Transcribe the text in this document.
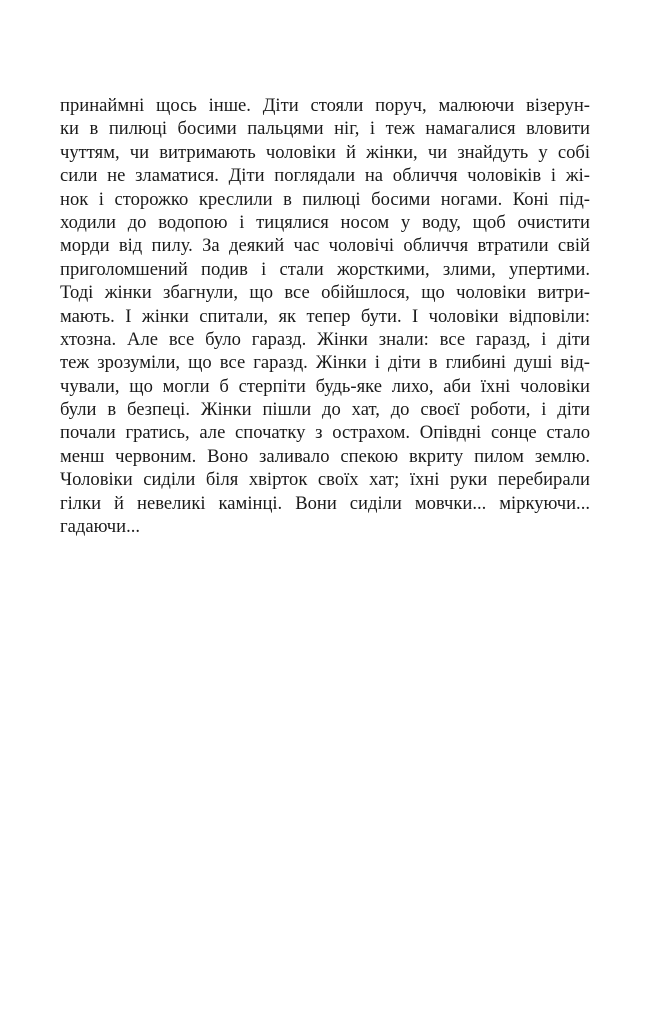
принаймні щось інше. Діти стояли поруч, малюючи візерун-
ки в пилюці босими пальцями ніг, і теж намагалися вловити
чуттям, чи витримають чоловіки й жінки, чи знайдуть у собі
сили не зламатися. Діти поглядали на обличчя чоловіків і жі-
нок і сторожко креслили в пилюці босими ногами. Коні під-
ходили до водопою і тицялися носом у воду, щоб очистити
морди від пилу. За деякий час чоловічі обличчя втратили свій
приголомшений подив і стали жорсткими, злими, упертими.
Тоді жінки збагнули, що все обійшлося, що чоловіки витри-
мають. І жінки спитали, як тепер бути. І чоловіки відповіли:
хтозна. Але все було гаразд. Жінки знали: все гаразд, і діти
теж зрозуміли, що все гаразд. Жінки і діти в глибині душі від-
чували, що могли б стерпіти будь-яке лихо, аби їхні чоловіки
були в безпеці. Жінки пішли до хат, до своєї роботи, і діти
почали гратись, але спочатку з острахом. Опівдні сонце стало
менш червоним. Воно заливало спекою вкриту пилом землю.
Чоловіки сиділи біля хвірток своїх хат; їхні руки перебирали
гілки й невеликі камінці. Вони сиділи мовчки... міркуючи...
гадаючи...
